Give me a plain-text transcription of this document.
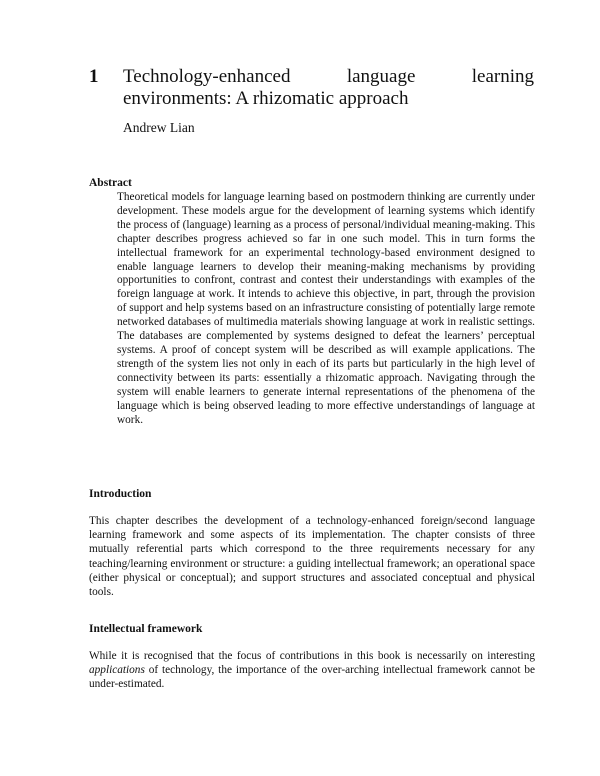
1 Technology-enhanced language learning environments: A rhizomatic approach
Andrew Lian
Abstract
Theoretical models for language learning based on postmodern thinking are currently under development. These models argue for the development of learning systems which identify the process of (language) learning as a process of personal/individual meaning-making. This chapter describes progress achieved so far in one such model. This in turn forms the intellectual framework for an experimental technology-based environment designed to enable language learners to develop their meaning-making mechanisms by providing opportunities to confront, contrast and contest their understandings with examples of the foreign language at work. It intends to achieve this objective, in part, through the provision of support and help systems based on an infrastructure consisting of potentially large remote networked databases of multimedia materials showing language at work in realistic settings. The databases are complemented by systems designed to defeat the learners’ perceptual systems. A proof of concept system will be described as will example applications. The strength of the system lies not only in each of its parts but particularly in the high level of connectivity between its parts: essentially a rhizomatic approach. Navigating through the system will enable learners to generate internal representations of the phenomena of the language which is being observed leading to more effective understandings of language at work.
Introduction
This chapter describes the development of a technology-enhanced foreign/second language learning framework and some aspects of its implementation. The chapter consists of three mutually referential parts which correspond to the three requirements necessary for any teaching/learning environment or structure: a guiding intellectual framework; an operational space (either physical or conceptual); and support structures and associated conceptual and physical tools.
Intellectual framework
While it is recognised that the focus of contributions in this book is necessarily on interesting applications of technology, the importance of the over-arching intellectual framework cannot be under-estimated.
